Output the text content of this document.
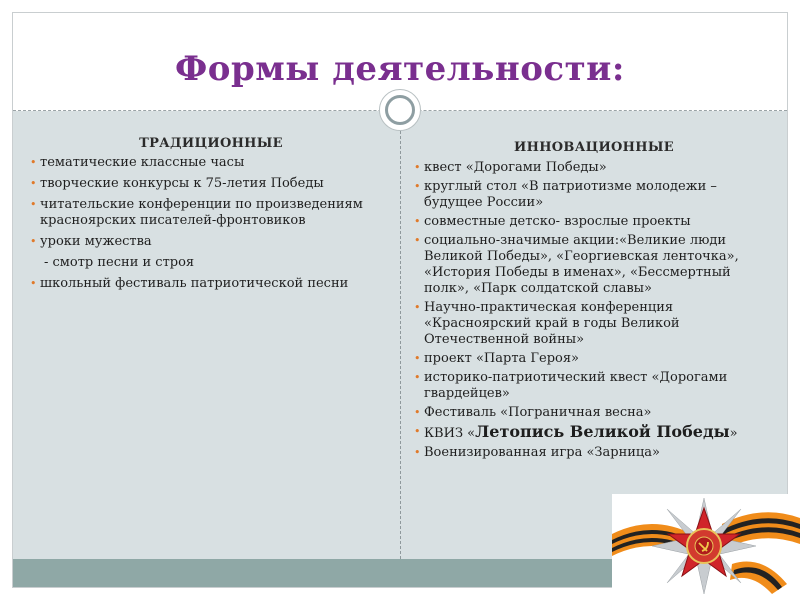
Формы деятельности:
ТРАДИЦИОННЫЕ
• тематические классные часы
• творческие конкурсы к 75-летия Победы
• читательские конференции по произведениям красноярских писателей-фронтовиков
• уроки мужества
- смотр песни и строя
• школьный фестиваль патриотической песни
ИННОВАЦИОННЫЕ
• квест «Дорогами Победы»
• круглый стол «В патриотизме молодежи – будущее России»
• совместные детско- взрослые проекты
• социально-значимые акции:«Великие люди Великой Победы», «Георгиевская ленточка», «История Победы в именах», «Бессмертный полк», «Парк солдатской славы»
• Научно-практическая конференция «Красноярский край в годы Великой Отечественной войны»
• проект «Парта Героя»
• историко-патриотический квест «Дорогами гвардейцев»
• Фестиваль «Пограничная весна»
• КВИЗ «Летопись Великой Победы»
• Военизированная игра «Зарница»
